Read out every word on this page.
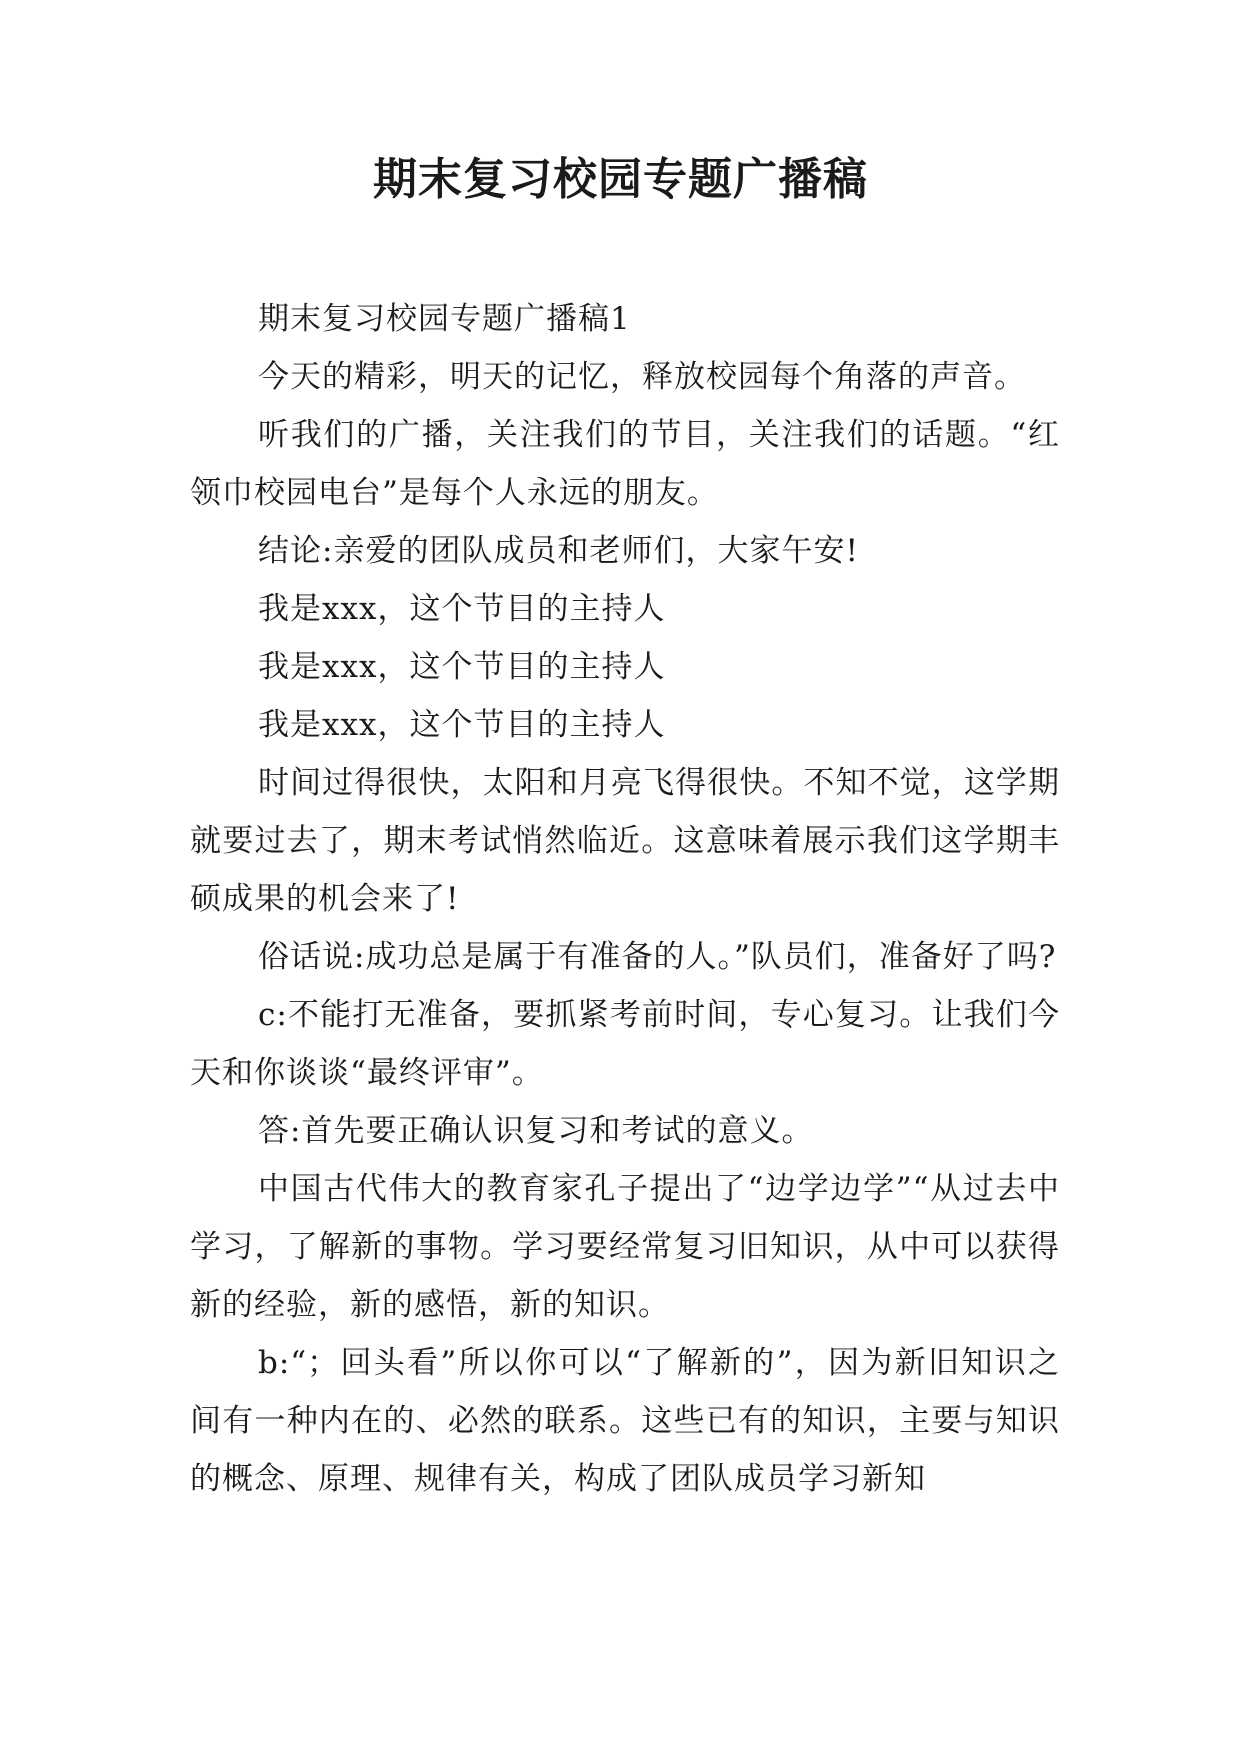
期末复习校园专题广播稿

期末复习校园专题广播稿1

今天的精彩，明天的记忆，释放校园每个角落的声音。

听我们的广播，关注我们的节目，关注我们的话题。“红领巾校园电台”是每个人永远的朋友。

结论:亲爱的团队成员和老师们，大家午安!

我是xxx，这个节目的主持人

我是xxx，这个节目的主持人

我是xxx，这个节目的主持人

时间过得很快，太阳和月亮飞得很快。不知不觉，这学期就要过去了，期末考试悄然临近。这意味着展示我们这学期丰硕成果的机会来了!

俗话说:成功总是属于有准备的人。”队员们，准备好了吗?

c:不能打无准备，要抓紧考前时间，专心复习。让我们今天和你谈谈“最终评审”。

答:首先要正确认识复习和考试的意义。

中国古代伟大的教育家孔子提出了“边学边学”“从过去中学习，了解新的事物。学习要经常复习旧知识，从中可以获得新的经验，新的感悟，新的知识。

b:“；回头看”所以你可以“了解新的”，因为新旧知识之间有一种内在的、必然的联系。这些已有的知识，主要与知识的概念、原理、规律有关，构成了团队成员学习新知
